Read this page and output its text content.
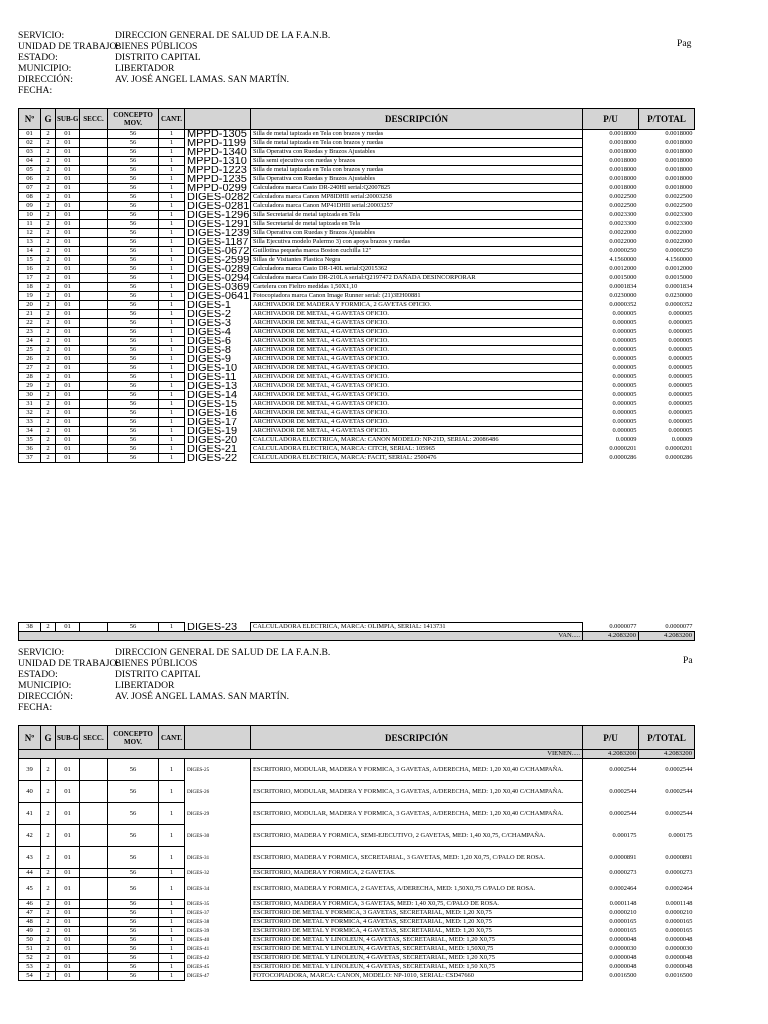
SERVICIO:	DIRECCION GENERAL DE SALUD DE LA F.A.N.B.
UNIDAD DE TRABAJO:
BIENES PÚBLICOS
ESTADO:	DISTRITO CAPITAL
MUNICIPIO:	LIBERTADOR
DIRECCIÓN:	AV. JOSÉ ANGEL LAMAS. SAN MARTÍN.
FECHA:
Pag
Nº	G	SUB-G	SECC.	CONCEPTO MOV.	CANT.		DESCRIPCIÓN	P/U	P/TOTAL
01	2	01		56	1	MPPD-1305	Silla de metal tapizada en Tela con brazos y ruedas	0.0018000	0.0018000
02	2	01		56	1	MPPD-1199	Silla de metal tapizada en Tela con brazos y ruedas	0.0018000	0.0018000
03	2	01		56	1	MPPD-1340	Silla Operativa con Ruedas y Brazos Ajustables	0.0018000	0.0018000
04	2	01		56	1	MPPD-1310	Silla semi ejecutiva con ruedas y brazos	0.0018000	0.0018000
05	2	01		56	1	MPPD-1223	Silla de metal tapizada en Tela con brazos y ruedas	0.0018000	0.0018000
06	2	01		56	1	MPPD-1235	Silla Operativa con Ruedas y Brazos Ajustables	0.0018000	0.0018000
07	2	01		56	1	MPPD-0299	Calculadora marca Casio DR-240HI serial:Q2007825	0.0018000	0.0018000
08	2	01		56	1	DIGES-0282	Calculadora marca Canon MP8IDHII serial:20003258	0.0022500	0.0022500
09	2	01		56	1	DIGES-0281	Calculadora marca Canon MP41DHII serial:20003257	0.0022500	0.0022500
10	2	01		56	1	DIGES-1296	Silla Secretarial de metal tapizada en Tela	0.0023300	0.0023300
11	2	01		56	1	DIGES-1291	Silla Secretarial de metal tapizada en Tela	0.0023300	0.0023300
12	2	01		56	1	DIGES-1239	Silla Operativa con Ruedas y Brazos Ajustables	0.0022000	0.0022000
13	2	01		56	1	DIGES-1187	Silla Ejecutiva modelo Palermo 3) con apoya brazos y ruedas	0.0022000	0.0022000
14	2	01		56	1	DIGES-0672	Guillotina pequeña marca Boston cuchilla 12"	0.0000250	0.0000250
15	2	01		56	1	DIGES-2599	Sillas de Visitantes Plastica Negra	4.1560000	4.1560000
16	2	01		56	1	DIGES-0289	Calculadora marca Casio DR-140L serial:Q2015362	0.0012000	0.0012000
17	2	01		56	1	DIGES-0294	Calculadora marca Casio DR-210LA serial:Q2197472 DAÑADA DESINCORPORAR	0.0015000	0.0015000
18	2	01		56	1	DIGES-0369	Cartelera con Fieltro medidas 1,50X1,10	0.0001834	0.0001834
19	2	01		56	1	DIGES-0641	Fotocopiadora marca Canon Image Runner serial: (21)3EH00881	0.0230000	0.0230000
20	2	01		56	1	DIGES-1	ARCHIVADOR DE MADERA Y FORMICA, 2 GAVETAS OFICIO.	0.0000352	0.0000352
21	2	01		56	1	DIGES-2	ARCHIVADOR DE METAL, 4 GAVETAS OFICIO.	0.000005	0.000005
22	2	01		56	1	DIGES-3	ARCHIVADOR DE METAL, 4 GAVETAS OFICIO.	0.000005	0.000005
23	2	01		56	1	DIGES-4	ARCHIVADOR DE METAL, 4 GAVETAS OFICIO.	0.000005	0.000005
24	2	01		56	1	DIGES-6	ARCHIVADOR DE METAL, 4 GAVETAS OFICIO.	0.000005	0.000005
25	2	01		56	1	DIGES-8	ARCHIVADOR DE METAL, 4 GAVETAS OFICIO.	0.000005	0.000005
26	2	01		56	1	DIGES-9	ARCHIVADOR DE METAL, 4 GAVETAS OFICIO.	0.000005	0.000005
27	2	01		56	1	DIGES-10	ARCHIVADOR DE METAL, 4 GAVETAS OFICIO.	0.000005	0.000005
28	2	01		56	1	DIGES-11	ARCHIVADOR DE METAL, 4 GAVETAS OFICIO.	0.000005	0.000005
29	2	01		56	1	DIGES-13	ARCHIVADOR DE METAL, 4 GAVETAS OFICIO.	0.000005	0.000005
30	2	01		56	1	DIGES-14	ARCHIVADOR DE METAL, 4 GAVETAS OFICIO.	0.000005	0.000005
31	2	01		56	1	DIGES-15	ARCHIVADOR DE METAL, 4 GAVETAS OFICIO.	0.000005	0.000005
32	2	01		56	1	DIGES-16	ARCHIVADOR DE METAL, 4 GAVETAS OFICIO.	0.000005	0.000005
33	2	01		56	1	DIGES-17	ARCHIVADOR DE METAL, 4 GAVETAS OFICIO.	0.000005	0.000005
34	2	01		56	1	DIGES-19	ARCHIVADOR DE METAL, 4 GAVETAS OFICIO.	0.000005	0.000005
35	2	01		56	1	DIGES-20	CALCULADORA ELECTRICA, MARCA: CANON MODELO: NP-21D, SERIAL: 20086486	0.00009	0.00009
36	2	01		56	1	DIGES-21	CALCULADORA ELECTRICA, MARCA: CITCH, SERIAL: 105965	0.0000201	0.0000201
37	2	01		56	1	DIGES-22	CALCULADORA ELECTRICA, MARCA: FACIT, SERIAL: 2500476	0.0000286	0.0000286
38	2	01		56	1	DIGES-23	CALCULADORA ELECTRICA, MARCA: OLIMPIA, SERIAL: 1413731	0.0000077	0.0000077
VAN.....								4.2083200	4.2083200
SERVICIO:	DIRECCION GENERAL DE SALUD DE LA F.A.N.B.
UNIDAD DE TRABAJO:
BIENES PÚBLICOS
ESTADO:	DISTRITO CAPITAL
MUNICIPIO:	LIBERTADOR
DIRECCIÓN:	AV. JOSÉ ANGEL LAMAS. SAN MARTÍN.
FECHA:
Pa
Nº	G	SUB-G	SECC.	CONCEPTO MOV.	CANT.		DESCRIPCIÓN	P/U	P/TOTAL
VIENEN.....								4.2083200	4.2083200
39	2	01		56	1	DIGES-25	ESCRITORIO, MODULAR, MADERA Y FORMICA, 3 GAVETAS, A/DERECHA, MED: 1,20 X0,40 C/CHAMPAÑA.	0.0002544	0.0002544
40	2	01		56	1	DIGES-26	ESCRITORIO, MODULAR, MADERA Y FORMICA, 3 GAVETAS, A/DERECHA, MED: 1,20 X0,40 C/CHAMPAÑA.	0.0002544	0.0002544
41	2	01		56	1	DIGES-29	ESCRITORIO, MODULAR, MADERA Y FORMICA, 3 GAVETAS, A/DERECHA, MED: 1,20 X0,40 C/CHAMPAÑA.	0.0002544	0.0002544
42	2	01		56	1	DIGES-30	ESCRITORIO, MADERA Y FORMICA, SEMI-EJECUTIVO, 2 GAVETAS, MED: 1,40 X0,75, C/CHAMPAÑA.	0.000175	0.000175
43	2	01		56	1	DIGES-31	ESCRITORIO, MADERA Y FORMICA, SECRETARIAL, 3 GAVETAS, MED: 1,20 X0,75, C/PALO DE ROSA.	0.0000891	0.0000891
44	2	01		56	1	DIGES-32	ESCRITORIO, MADERA Y FORMICA, 2 GAVETAS.	0.0000273	0.0000273
45	2	01		56	1	DIGES-34	ESCRITORIO, MADERA Y FORMICA, 2 GAVETAS, A/DERECHA, MED: 1,50X0,75 C/PALO DE ROSA.	0.0002464	0.0002464
46	2	01		56	1	DIGES-35	ESCRITORIO, MADERA Y FORMICA, 3 GAVETAS, MED: 1,40 X0,75, C/PALO DE ROSA.	0.0001148	0.0001148
47	2	01		56	1	DIGES-37	ESCRITORIO DE METAL Y FORMICA, 3 GAVETAS, SECRETARIAL, MED: 1,20 X0,75	0.0000210	0.0000210
48	2	01		56	1	DIGES-38	ESCRITORIO DE METAL Y FORMICA, 4 GAVETAS, SECRETARIAL, MED: 1,20 X0,75	0.0000165	0.0000165
49	2	01		56	1	DIGES-39	ESCRITORIO DE METAL Y FORMICA, 4 GAVETAS, SECRETARIAL, MED: 1,20 X0,75	0.0000165	0.0000165
50	2	01		56	1	DIGES-40	ESCRITORIO DE METAL Y LINOLEUN, 4 GAVETAS, SECRETARIAL, MED: 1,20 X0,75	0.0000048	0.0000048
51	2	01		56	1	DIGES-41	ESCRITORIO DE METAL Y LINOLEUN, 4 GAVETAS, SECRETARIAL, MED: 1,50X0,75	0.0000030	0.0000030
52	2	01		56	1	DIGES-42	ESCRITORIO DE METAL Y LINOLEUN, 4 GAVETAS, SECRETARIAL, MED: 1,20 X0,75	0.0000048	0.0000048
53	2	01		56	1	DIGES-45	ESCRITORIO DE METAL Y LINOLEUN, 4 GAVETAS, SECRETARIAL, MED: 1,50 X0,75	0.0000048	0.0000048
54	2	01		56	1	DIGES-47	FOTOCOPIADORA, MARCA: CANON, MODELO: NP-1010, SERIAL: CSD47660	0.0016500	0.0016500
